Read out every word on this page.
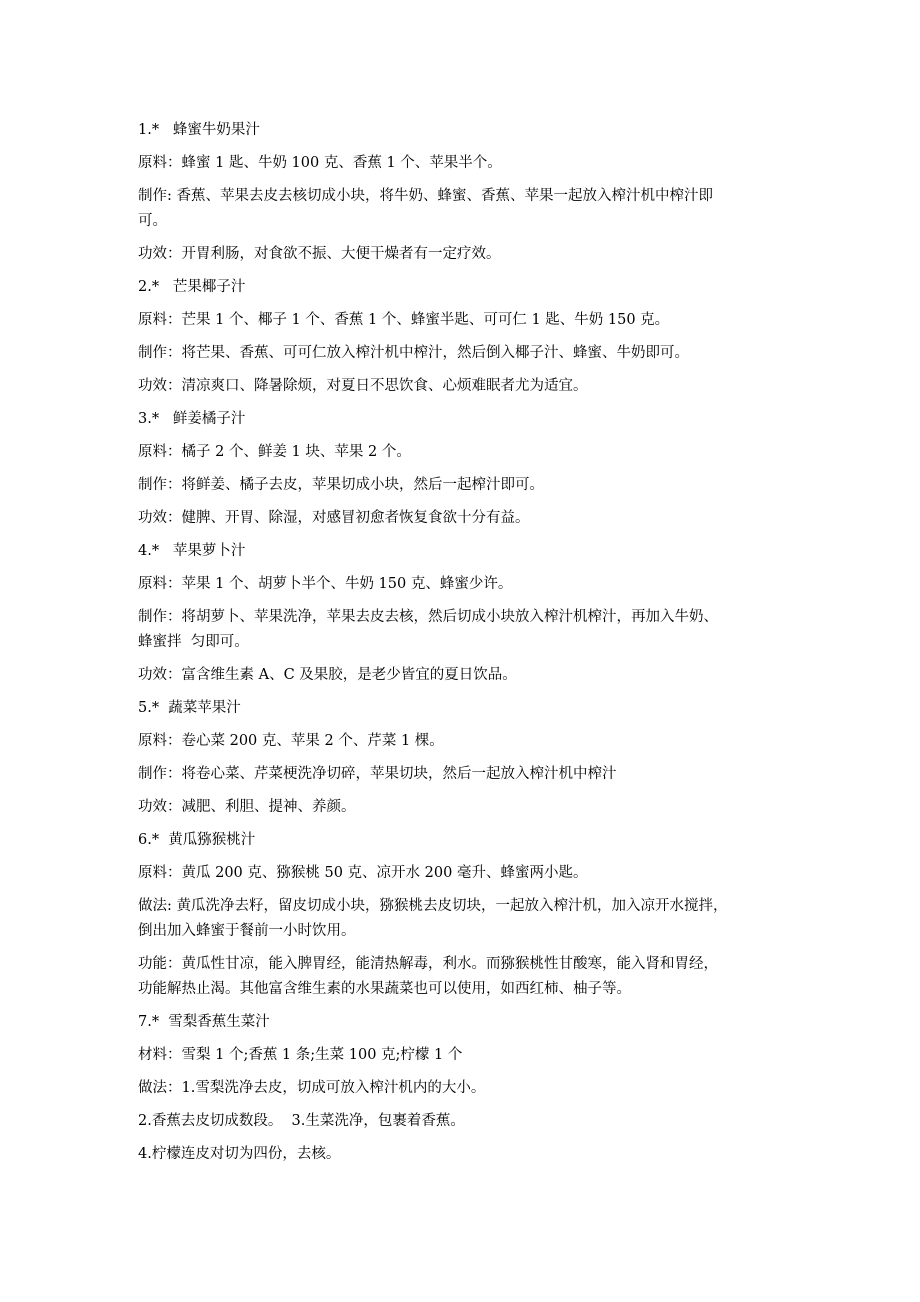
1.*   蜂蜜牛奶果汁
原料：蜂蜜 1 匙、牛奶 100 克、香蕉 1 个、苹果半个。
制作: 香蕉、苹果去皮去核切成小块，将牛奶、蜂蜜、香蕉、苹果一起放入榨汁机中榨汁即
可。
功效：开胃利肠，对食欲不振、大便干燥者有一定疗效。
2.*   芒果椰子汁
原料：芒果 1 个、椰子 1 个、香蕉 1 个、蜂蜜半匙、可可仁 1 匙、牛奶 150 克。
制作：将芒果、香蕉、可可仁放入榨汁机中榨汁，然后倒入椰子汁、蜂蜜、牛奶即可。
功效：清凉爽口、降暑除烦，对夏日不思饮食、心烦难眠者尤为适宜。
3.*   鲜姜橘子汁
原料：橘子 2 个、鲜姜 1 块、苹果 2 个。
制作：将鲜姜、橘子去皮，苹果切成小块，然后一起榨汁即可。
功效：健脾、开胃、除湿，对感冒初愈者恢复食欲十分有益。
4.*   苹果萝卜汁
原料：苹果 1 个、胡萝卜半个、牛奶 150 克、蜂蜜少许。
制作：将胡萝卜、苹果洗净，苹果去皮去核，然后切成小块放入榨汁机榨汁，再加入牛奶、
蜂蜜拌  匀即可。
功效：富含维生素 A、C 及果胶，是老少皆宜的夏日饮品。
5.*  蔬菜苹果汁
原料：卷心菜 200 克、苹果 2 个、芹菜 1 棵。
制作：将卷心菜、芹菜梗洗净切碎，苹果切块，然后一起放入榨汁机中榨汁
功效：减肥、利胆、提神、养颜。
6.*  黄瓜猕猴桃汁
原料：黄瓜 200 克、猕猴桃 50 克、凉开水 200 毫升、蜂蜜两小匙。
做法: 黄瓜洗净去籽，留皮切成小块，猕猴桃去皮切块，一起放入榨汁机，加入凉开水搅拌，
倒出加入蜂蜜于餐前一小时饮用。
功能：黄瓜性甘凉，能入脾胃经，能清热解毒，利水。而猕猴桃性甘酸寒，能入肾和胃经，
功能解热止渴。其他富含维生素的水果蔬菜也可以使用，如西红柿、柚子等。
7.*  雪梨香蕉生菜汁
材料：雪梨 1 个;香蕉 1 条;生菜 100 克;柠檬 1 个
做法：1.雪梨洗净去皮，切成可放入榨汁机内的大小。
2.香蕉去皮切成数段。  3.生菜洗净，包裹着香蕉。
4.柠檬连皮对切为四份，去核。
